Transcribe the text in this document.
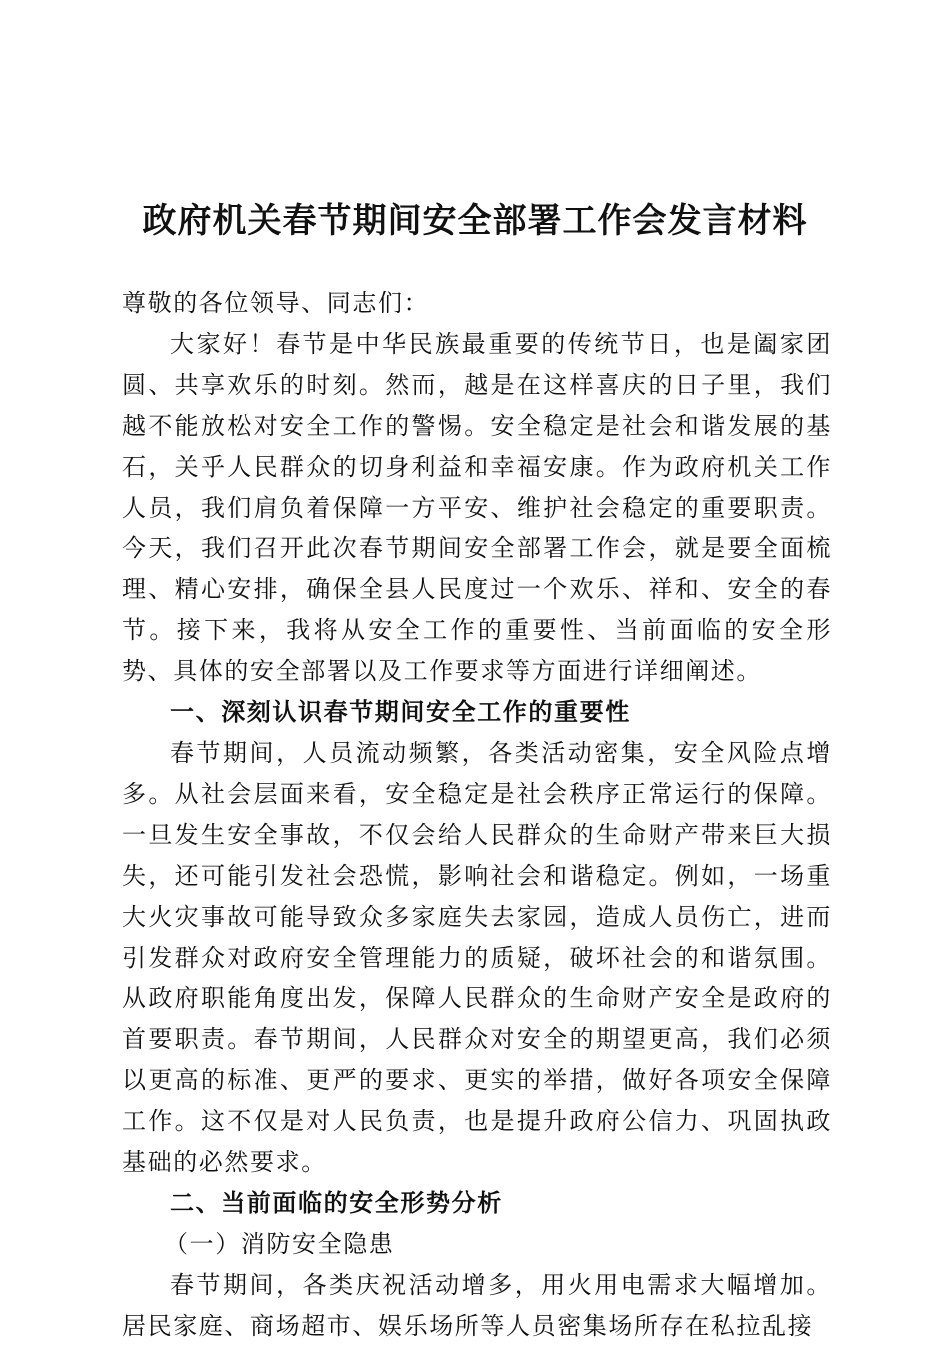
政府机关春节期间安全部署工作会发言材料

尊敬的各位领导、同志们：

大家好！春节是中华民族最重要的传统节日，也是阖家团圆、共享欢乐的时刻。然而，越是在这样喜庆的日子里，我们越不能放松对安全工作的警惕。安全稳定是社会和谐发展的基石，关乎人民群众的切身利益和幸福安康。作为政府机关工作人员，我们肩负着保障一方平安、维护社会稳定的重要职责。今天，我们召开此次春节期间安全部署工作会，就是要全面梳理、精心安排，确保全县人民度过一个欢乐、祥和、安全的春节。接下来，我将从安全工作的重要性、当前面临的安全形势、具体的安全部署以及工作要求等方面进行详细阐述。

一、深刻认识春节期间安全工作的重要性

春节期间，人员流动频繁，各类活动密集，安全风险点增多。从社会层面来看，安全稳定是社会秩序正常运行的保障。一旦发生安全事故，不仅会给人民群众的生命财产带来巨大损失，还可能引发社会恐慌，影响社会和谐稳定。例如，一场重大火灾事故可能导致众多家庭失去家园，造成人员伤亡，进而引发群众对政府安全管理能力的质疑，破坏社会的和谐氛围。从政府职能角度出发，保障人民群众的生命财产安全是政府的首要职责。春节期间，人民群众对安全的期望更高，我们必须以更高的标准、更严的要求、更实的举措，做好各项安全保障工作。这不仅是对人民负责，也是提升政府公信力、巩固执政基础的必然要求。

二、当前面临的安全形势分析

（一）消防安全隐患

春节期间，各类庆祝活动增多，用火用电需求大幅增加。居民家庭、商场超市、娱乐场所等人员密集场所存在私拉乱接
